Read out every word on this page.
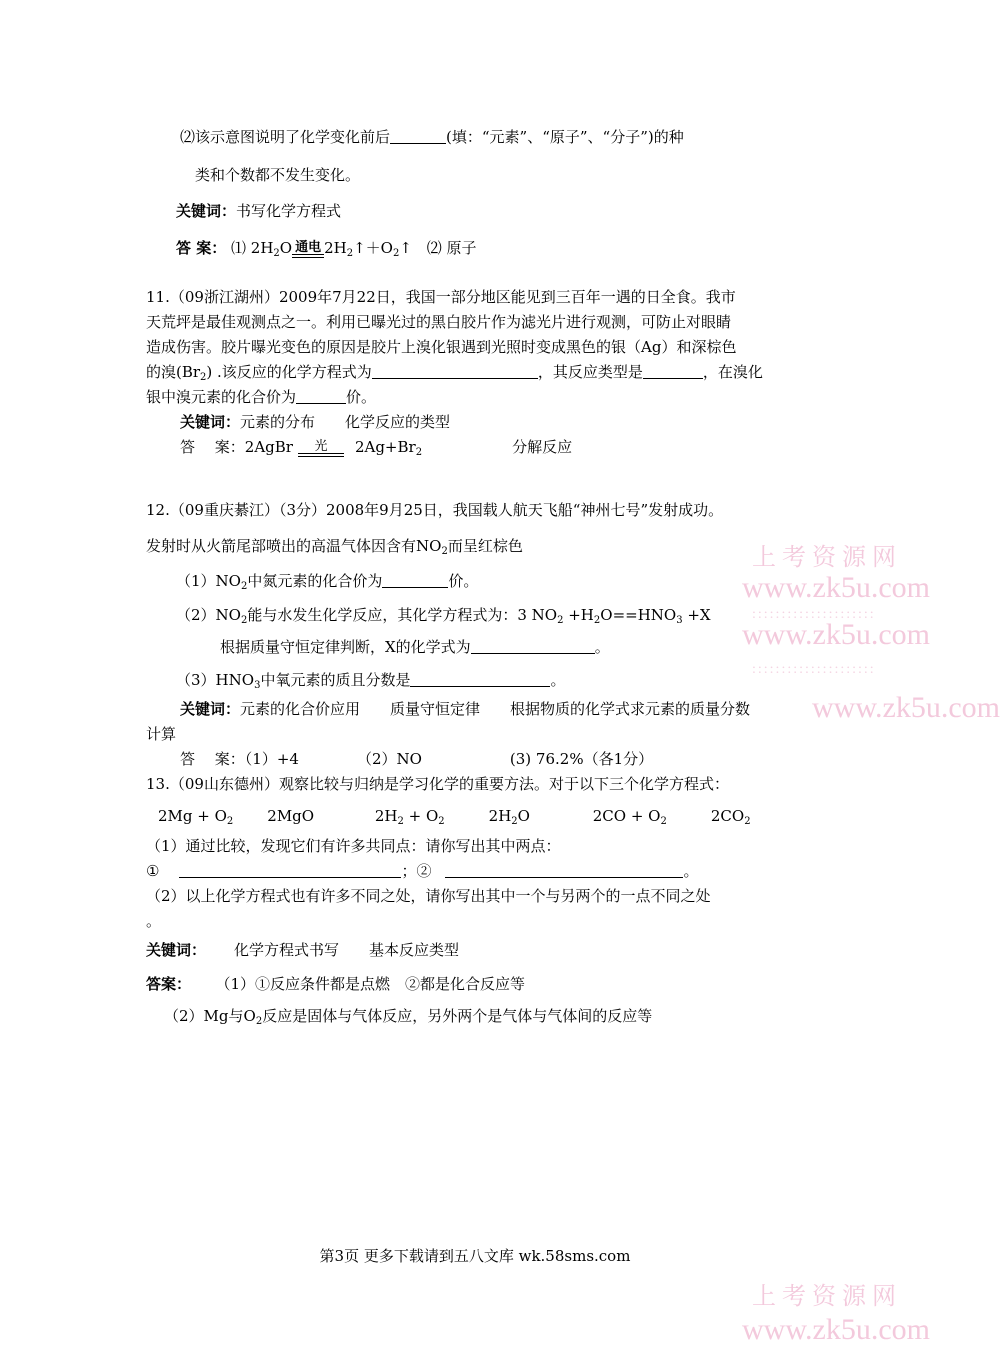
上考资源网
www.zk5u.com
:::::::::::::::::::::
www.zk5u.com
:::::::::::::::::::::
www.zk5u.com
上考资源网
www.zk5u.com
⑵该示意图说明了化学变化前后	(填：“元素”、“原子”、“分子”)的种
类和个数都不发生变化。
关键词：书写化学方程式
答 案： ⑴ $2H_2O$ 通电 $2H_2↑+O_2↑$ ⑵ 原子
11.（09浙江湖州）2009年7月22日，我国一部分地区能见到三百年一遇的日全食。我市
天荒坪是最佳观测点之一。利用已曝光过的黑白胶片作为滤光片进行观测，可防止对眼睛
造成伤害。胶片曝光变色的原因是胶片上溴化银遇到光照时变成黑色的银（Ag）和深棕色
的溴$(Br_2)$ .该反应的化学方程式为	，其反应类型是	，在溴化
银中溴元素的化合价为	价。
关键词：元素的分布　　化学反应的类型
答　 案：2AgBr	光	$2Ag+Br_2$	分解反应
12.（09重庆綦江）（3分）2008年9月25日，我国载人航天飞船“神州七号”发射成功。
发射时从火箭尾部喷出的高温气体因含有$NO_2$而呈红棕色
$(1)NO_2$中氮元素的化合价为	价。
$(2)NO_2$能与水发生化学反应，其化学方程式为：3 $NO_2 +H_2O==HNO_3 +X$
根据质量守恒定律判断，X的化学式为	。
$(3)HNO_3$中氧元素的质且分数是	。
关键词：元素的化合价应用　　质量守恒定律　　根据物质的化学式求元素的质量分数
计算
答　 案：（1）+4	（2）NO	(3) 76.2%（各1分）
13.（09山东德州）观察比较与归纳是学习化学的重要方法。对于以下三个化学方程式：
$2Mg + O_2$ 2MgO	$2H_2 + O_2$	$2H_2O$	$2CO + O_2$	$2CO_2$
（1）通过比较，发现它们有许多共同点：请你写出其中两点：
①	；②	。
（2）以上化学方程式也有许多不同之处，请你写出其中一个与另两个的一点不同之处
。
关键词： 化学方程式书写　　基本反应类型
答案： （1）①反应条件都是点燃　②都是化合反应等
（2）Mg与$O_2$反应是固体与气体反应，另外两个是气体与气体间的反应等
第3页 更多下载请到五八文库 wk.58sms.com
